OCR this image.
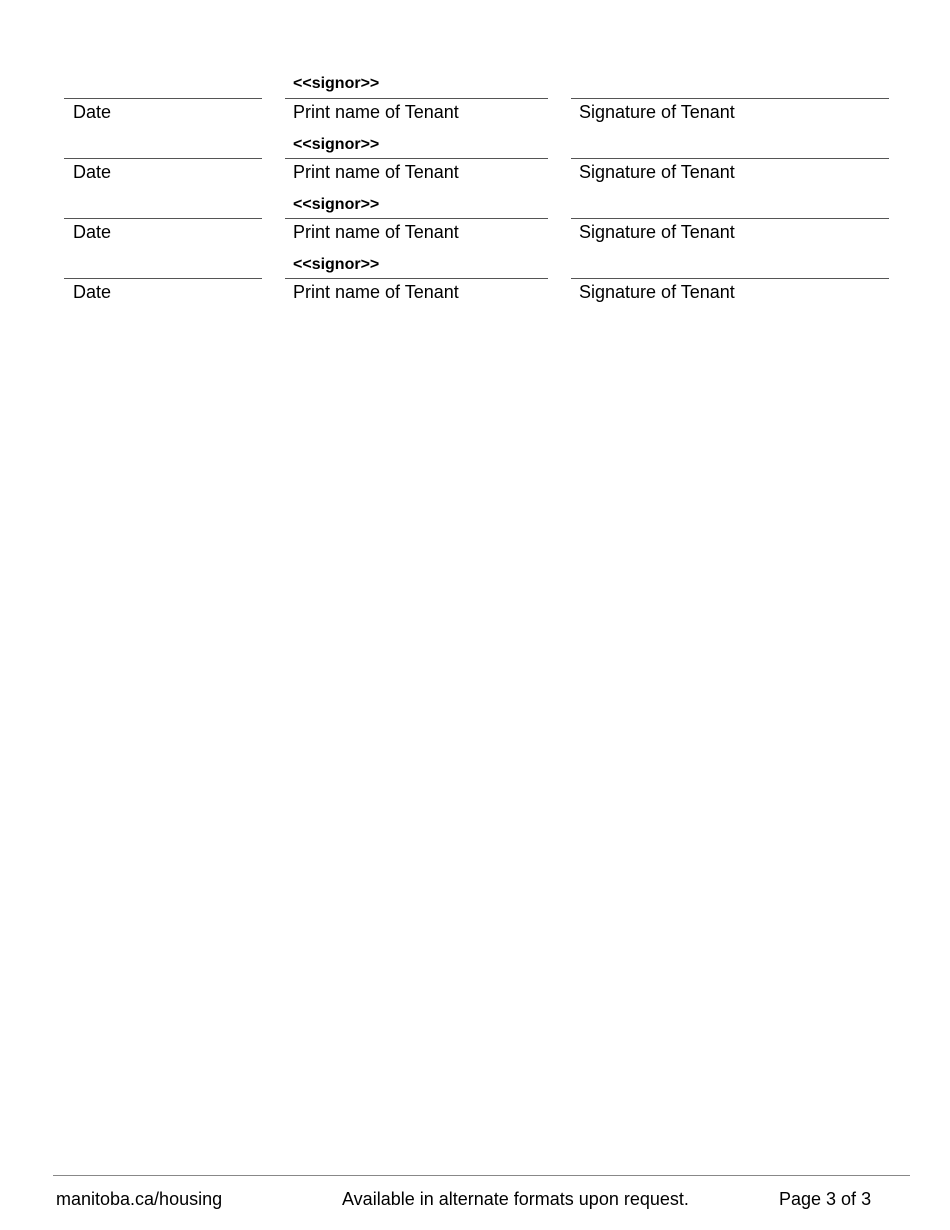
<<signor>>
Date	Print name of Tenant	Signature of Tenant
<<signor>>
Date	Print name of Tenant	Signature of Tenant
<<signor>>
Date	Print name of Tenant	Signature of Tenant
<<signor>>
Date	Print name of Tenant	Signature of Tenant
manitoba.ca/housing	Available in alternate formats upon request.	Page 3 of 3
